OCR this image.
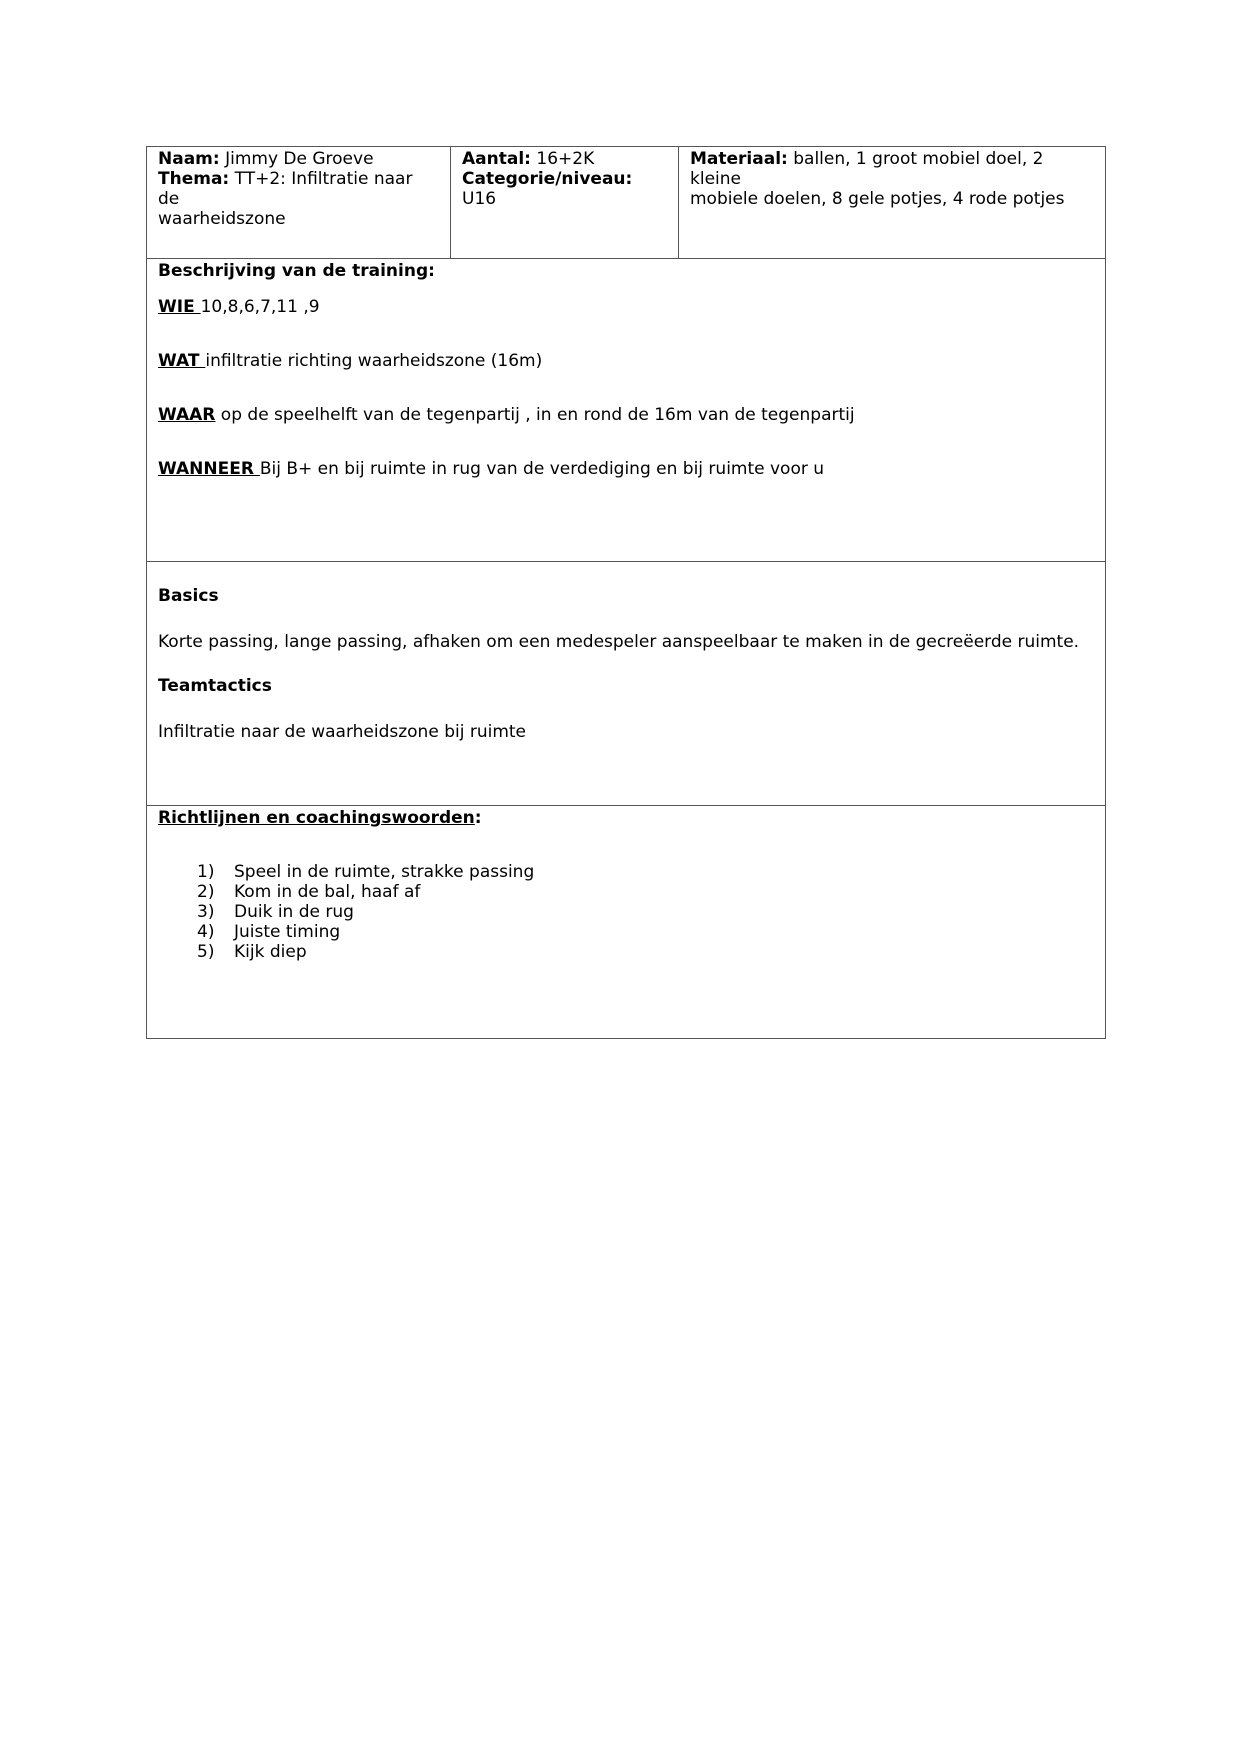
Naam: Jimmy De Groeve
Thema: TT+2: Infiltratie naar de
waarheidszone
Aantal: 16+2K
Categorie/niveau:
U16
Materiaal: ballen, 1 groot mobiel doel, 2 kleine
mobiele doelen, 8 gele potjes, 4 rode potjes
Beschrijving van de training:
WIE 10,8,6,7,11 ,9
WAT infiltratie richting waarheidszone (16m)
WAAR op de speelhelft van de tegenpartij , in en rond de 16m van de tegenpartij
WANNEER Bij B+ en bij ruimte in rug van de verdediging en bij ruimte voor u
Basics
Korte passing, lange passing, afhaken om een medespeler aanspeelbaar te maken in de gecreëerde ruimte.
Teamtactics
Infiltratie naar de waarheidszone bij ruimte
Richtlijnen en coachingswoorden:
1) Speel in de ruimte, strakke passing
2) Kom in de bal, haaf af
3) Duik in de rug
4) Juiste timing
5) Kijk diep
